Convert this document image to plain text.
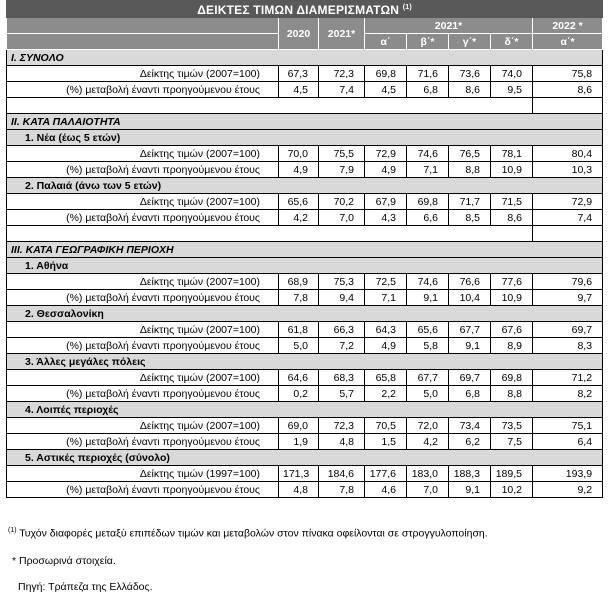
ΔΕΙΚΤΕΣ ΤΙΜΩΝ ΔΙΑΜΕΡΙΣΜΑΤΩΝ $^{(1)}$
	2020	2021*	2021*				2022 *
			α΄	β΄*	γ΄*	δ΄*	α΄*
I. ΣΥΝΟΛΟ							
Δείκτης τιμών (2007=100)	67,3	72,3	69,8	71,6	73,6	74,0	75,8
(%) μεταβολή έναντι προηγούμενου έτους	4,5	7,4	4,5	6,8	8,6	9,5	8,6

II. ΚΑΤΑ ΠΑΛΑΙΟΤΗΤΑ							
1. Νέα (έως 5 ετών)							
Δείκτης τιμών (2007=100)	70,0	75,5	72,9	74,6	76,5	78,1	80,4
(%) μεταβολή έναντι προηγούμενου έτους	4,9	7,9	4,9	7,1	8,8	10,9	10,3
2. Παλαιά (άνω των 5 ετών)							
Δείκτης τιμών (2007=100)	65,6	70,2	67,9	69,8	71,7	71,5	72,9
(%) μεταβολή έναντι προηγούμενου έτους	4,2	7,0	4,3	6,6	8,5	8,6	7,4

III. ΚΑΤΑ ΓΕΩΓΡΑΦΙΚΗ ΠΕΡΙΟΧΗ							
1. Αθήνα							
Δείκτης τιμών (2007=100)	68,9	75,3	72,5	74,6	76,6	77,6	79,6
(%) μεταβολή έναντι προηγούμενου έτους	7,8	9,4	7,1	9,1	10,4	10,9	9,7
2. Θεσσαλονίκη							
Δείκτης τιμών (2007=100)	61,8	66,3	64,3	65,6	67,7	67,6	69,7
(%) μεταβολή έναντι προηγούμενου έτους	5,0	7,2	4,9	5,8	9,1	8,9	8,3
3. Άλλες μεγάλες πόλεις							
Δείκτης τιμών (2007=100)	64,6	68,3	65,8	67,7	69,7	69,8	71,2
(%) μεταβολή έναντι προηγούμενου έτους	0,2	5,7	2,2	5,0	6,8	8,8	8,2
4. Λοιπές περιοχές							
Δείκτης τιμών (2007=100)	69,0	72,3	70,5	72,0	73,4	73,5	75,1
(%) μεταβολή έναντι προηγούμενου έτους	1,9	4,8	1,5	4,2	6,2	7,5	6,4
5. Αστικές περιοχές (σύνολο)							
Δείκτης τιμών (1997=100)	171,3	184,6	177,6	183,0	188,3	189,5	193,9
(%) μεταβολή έναντι προηγούμενου έτους	4,8	7,8	4,6	7,0	9,1	10,2	9,2
$^{(1)}$ Τυχόν διαφορές μεταξύ επιπέδων τιμών και μεταβολών στον πίνακα οφείλονται σε στρογγυλοποίηση.
* Προσωρινά στοιχεία.
Πηγή: Τράπεζα της Ελλάδος.
